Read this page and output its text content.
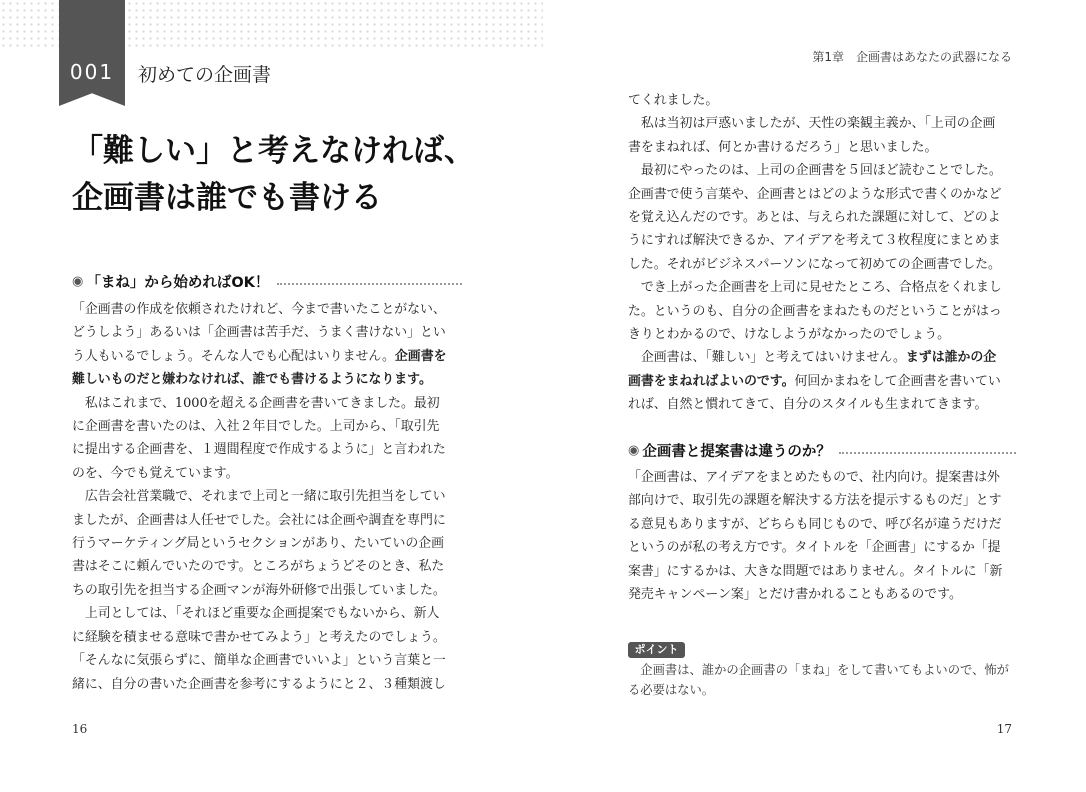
001	初めての企画書
「難しい」と考えなければ、
企画書は誰でも書ける
◉ 「まね」から始めればOK！

「企画書の作成を依頼されたけれど、今まで書いたことがない、

どうしよう」あるいは「企画書は苦手だ、うまく書けない」とい

う人もいるでしょう。そんな人でも心配はいりません。企画書を

難しいものだと嫌わなければ、誰でも書けるようになります。

　私はこれまで、1000を超える企画書を書いてきました。最初

に企画書を書いたのは、入社２年目でした。上司から、「取引先

に提出する企画書を、１週間程度で作成するように」と言われた

のを、今でも覚えています。

　広告会社営業職で、それまで上司と一緒に取引先担当をしてい

ましたが、企画書は人任せでした。会社には企画や調査を専門に

行うマーケティング局というセクションがあり、たいていの企画

書はそこに頼んでいたのです。ところがちょうどそのとき、私た

ちの取引先を担当する企画マンが海外研修で出張していました。

　上司としては、「それほど重要な企画提案でもないから、新人

に経験を積ませる意味で書かせてみよう」と考えたのでしょう。

「そんなに気張らずに、簡単な企画書でいいよ」という言葉と一

緒に、自分の書いた企画書を参考にするようにと２、３種類渡し

16
第1章　企画書はあなたの武器になる

てくれました。

　私は当初は戸惑いましたが、天性の楽観主義か、「上司の企画

書をまねれば、何とか書けるだろう」と思いました。

　最初にやったのは、上司の企画書を５回ほど読むことでした。

企画書で使う言葉や、企画書とはどのような形式で書くのかなど

を覚え込んだのです。あとは、与えられた課題に対して、どのよ

うにすれば解決できるか、アイデアを考えて３枚程度にまとめま

した。それがビジネスパーソンになって初めての企画書でした。

　でき上がった企画書を上司に見せたところ、合格点をくれまし

た。というのも、自分の企画書をまねたものだということがはっ

きりとわかるので、けなしようがなかったのでしょう。

　企画書は、「難しい」と考えてはいけません。まずは誰かの企

画書をまねればよいのです。何回かまねをして企画書を書いてい

れば、自然と慣れてきて、自分のスタイルも生まれてきます。

◉ 企画書と提案書は違うのか？

「企画書は、アイデアをまとめたもので、社内向け。提案書は外

部向けで、取引先の課題を解決する方法を提示するものだ」とす

る意見もありますが、どちらも同じもので、呼び名が違うだけだ

というのが私の考え方です。タイトルを「企画書」にするか「提

案書」にするかは、大きな問題ではありません。タイトルに「新

発売キャンペーン案」とだけ書かれることもあるのです。

ポイント

　企画書は、誰かの企画書の「まね」をして書いてもよいので、怖が

る必要はない。

17
